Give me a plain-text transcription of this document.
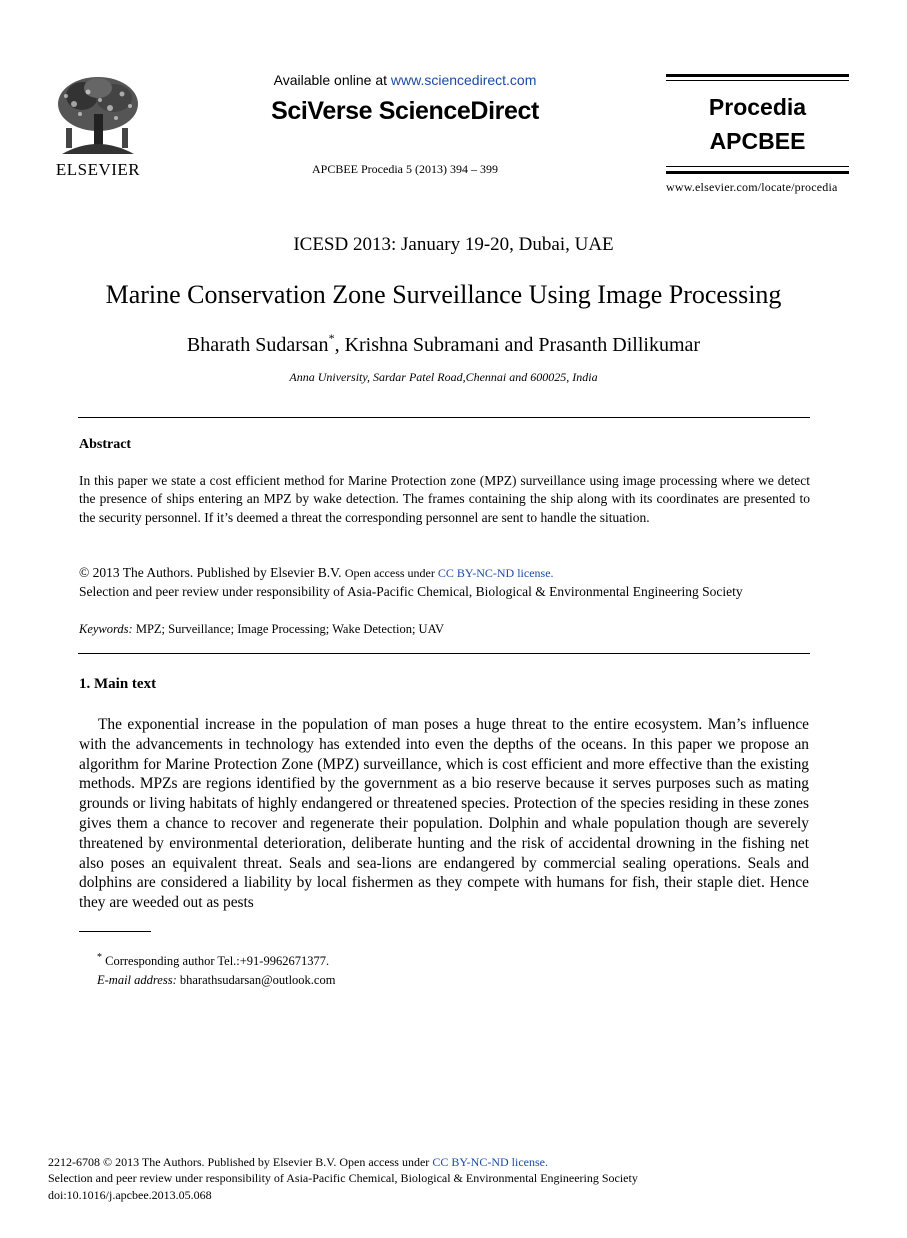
ELSEVIER
Available online at www.sciencedirect.com
SciVerse ScienceDirect
APCBEE Procedia 5 (2013) 394 – 399
Procedia
APCBEE
www.elsevier.com/locate/procedia
ICESD 2013: January 19-20, Dubai, UAE
Marine Conservation Zone Surveillance Using Image Processing
Bharath Sudarsan*, Krishna Subramani and Prasanth Dillikumar
Anna University, Sardar Patel Road,Chennai and 600025, India
Abstract
In this paper we state a cost efficient method for Marine Protection zone (MPZ) surveillance using image processing where we detect the presence of ships entering an MPZ by wake detection. The frames containing the ship along with its coordinates are presented to the security personnel. If it’s deemed a threat the corresponding personnel are sent to handle the situation.
© 2013 The Authors. Published by Elsevier B.V. Open access under CC BY-NC-ND license.
Selection and peer review under responsibility of Asia-Pacific Chemical, Biological & Environmental Engineering Society
Keywords: MPZ; Surveillance; Image Processing; Wake Detection; UAV
1. Main text
The exponential increase in the population of man poses a huge threat to the entire ecosystem. Man’s influence with the advancements in technology has extended into even the depths of the oceans. In this paper we propose an algorithm for Marine Protection Zone (MPZ) surveillance, which is cost efficient and more effective than the existing methods. MPZs are regions identified by the government as a bio reserve because it serves purposes such as mating grounds or living habitats of highly endangered or threatened species. Protection of the species residing in these zones gives them a chance to recover and regenerate their population. Dolphin and whale population though are severely threatened by environmental deterioration, deliberate hunting and the risk of accidental drowning in the fishing net also poses an equivalent threat. Seals and sea-lions are endangered by commercial sealing operations. Seals and dolphins are considered a liability by local fishermen as they compete with humans for fish, their staple diet. Hence they are weeded out as pests
* Corresponding author Tel.:+91-9962671377.
E-mail address: bharathsudarsan@outlook.com
2212-6708 © 2013 The Authors. Published by Elsevier B.V. Open access under CC BY-NC-ND license.
Selection and peer review under responsibility of Asia-Pacific Chemical, Biological & Environmental Engineering Society
doi:10.1016/j.apcbee.2013.05.068
